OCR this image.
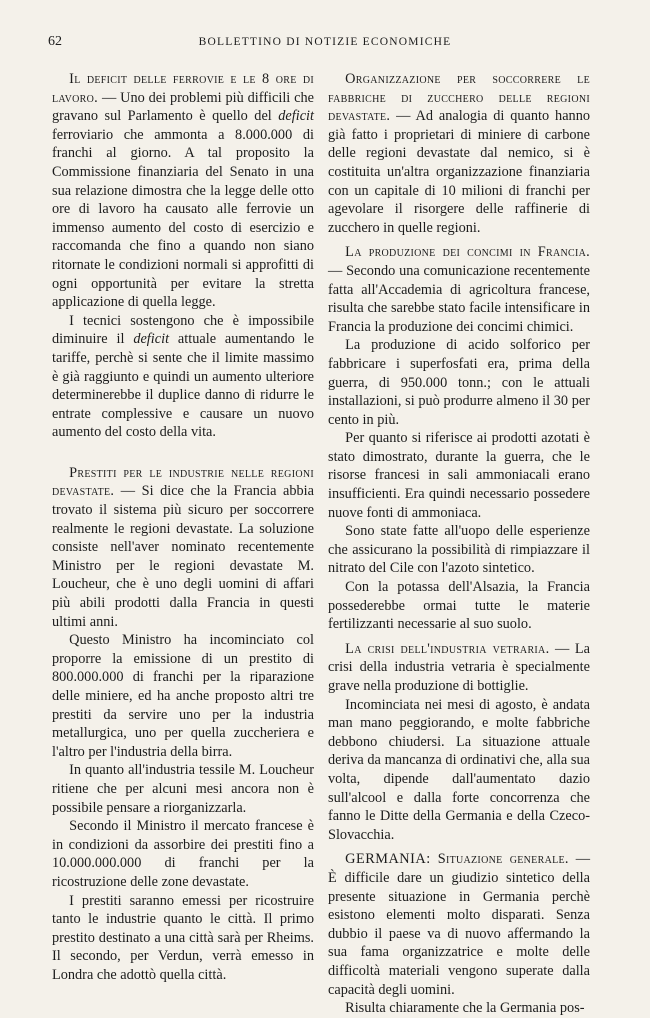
62	BOLLETTINO DI NOTIZIE ECONOMICHE

Il deficit delle ferrovie e le 8 ore di lavoro. — Uno dei problemi più difficili che gravano sul Parlamento è quello del deficit ferroviario che ammonta a 8.000.000 di franchi al giorno. A tal proposito la Commissione finanziaria del Senato in una sua relazione dimostra che la legge delle otto ore di lavoro ha causato alle ferrovie un immenso aumento del costo di esercizio e raccomanda che fino a quando non siano ritornate le condizioni normali si approfitti di ogni opportunità per evitare la stretta applicazione di quella legge.

I tecnici sostengono che è impossibile diminuire il deficit attuale aumentando le tariffe, perchè si sente che il limite massimo è già raggiunto e quindi un aumento ulteriore determinerebbe il duplice danno di ridurre le entrate complessive e causare un nuovo aumento del costo della vita.

Prestiti per le industrie nelle regioni devastate. — Si dice che la Francia abbia trovato il sistema più sicuro per soccorrere realmente le regioni devastate. La soluzione consiste nell'aver nominato recentemente Ministro per le regioni devastate M. Loucheur, che è uno degli uomini di affari più abili prodotti dalla Francia in questi ultimi anni.

Questo Ministro ha incominciato col proporre la emissione di un prestito di 800.000.000 di franchi per la riparazione delle miniere, ed ha anche proposto altri tre prestiti da servire uno per la industria metallurgica, uno per quella zuccheriera e l'altro per l'industria della birra.

In quanto all'industria tessile M. Loucheur ritiene che per alcuni mesi ancora non è possibile pensare a riorganizzarla.

Secondo il Ministro il mercato francese è in condizioni da assorbire dei prestiti fino a 10.000.000.000 di franchi per la ricostruzione delle zone devastate.

I prestiti saranno emessi per ricostruire tanto le industrie quanto le città. Il primo prestito destinato a una città sarà per Rheims. Il secondo, per Verdun, verrà emesso in Londra che adottò quella città.

Organizzazione per soccorrere le fabbriche di zucchero delle regioni devastate. — Ad analogia di quanto hanno già fatto i proprietari di miniere di carbone delle regioni devastate dal nemico, si è costituita un'altra organizzazione finanziaria con un capitale di 10 milioni di franchi per agevolare il risorgere delle raffinerie di zucchero in quelle regioni.

La produzione dei concimi in Francia. — Secondo una comunicazione recentemente fatta all'Accademia di agricoltura francese, risulta che sarebbe stato facile intensificare in Francia la produzione dei concimi chimici.

La produzione di acido solforico per fabbricare i superfosfati era, prima della guerra, di 950.000 tonn.; con le attuali installazioni, si può produrre almeno il 30 per cento in più.

Per quanto si riferisce ai prodotti azotati è stato dimostrato, durante la guerra, che le risorse francesi in sali ammoniacali erano insufficienti. Era quindi necessario possedere nuove fonti di ammoniaca.

Sono state fatte all'uopo delle esperienze che assicurano la possibilità di rimpiazzare il nitrato del Cile con l'azoto sintetico.

Con la potassa dell'Alsazia, la Francia possederebbe ormai tutte le materie fertilizzanti necessarie al suo suolo.

La crisi dell'industria vetraria. — La crisi della industria vetraria è specialmente grave nella produzione di bottiglie.

Incominciata nei mesi di agosto, è andata man mano peggiorando, e molte fabbriche debbono chiudersi. La situazione attuale deriva da mancanza di ordinativi che, alla sua volta, dipende dall'aumentato dazio sull'alcool e dalla forte concorrenza che fanno le Ditte della Germania e della Czeco-Slovacchia.

GERMANIA: Situazione generale. — È difficile dare un giudizio sintetico della presente situazione in Germania perchè esistono elementi molto disparati. Senza dubbio il paese va di nuovo affermando la sua fama organizzatrice e molte delle difficoltà materiali vengono superate dalla capacità degli uomini.

Risulta chiaramente che la Germania pos-
